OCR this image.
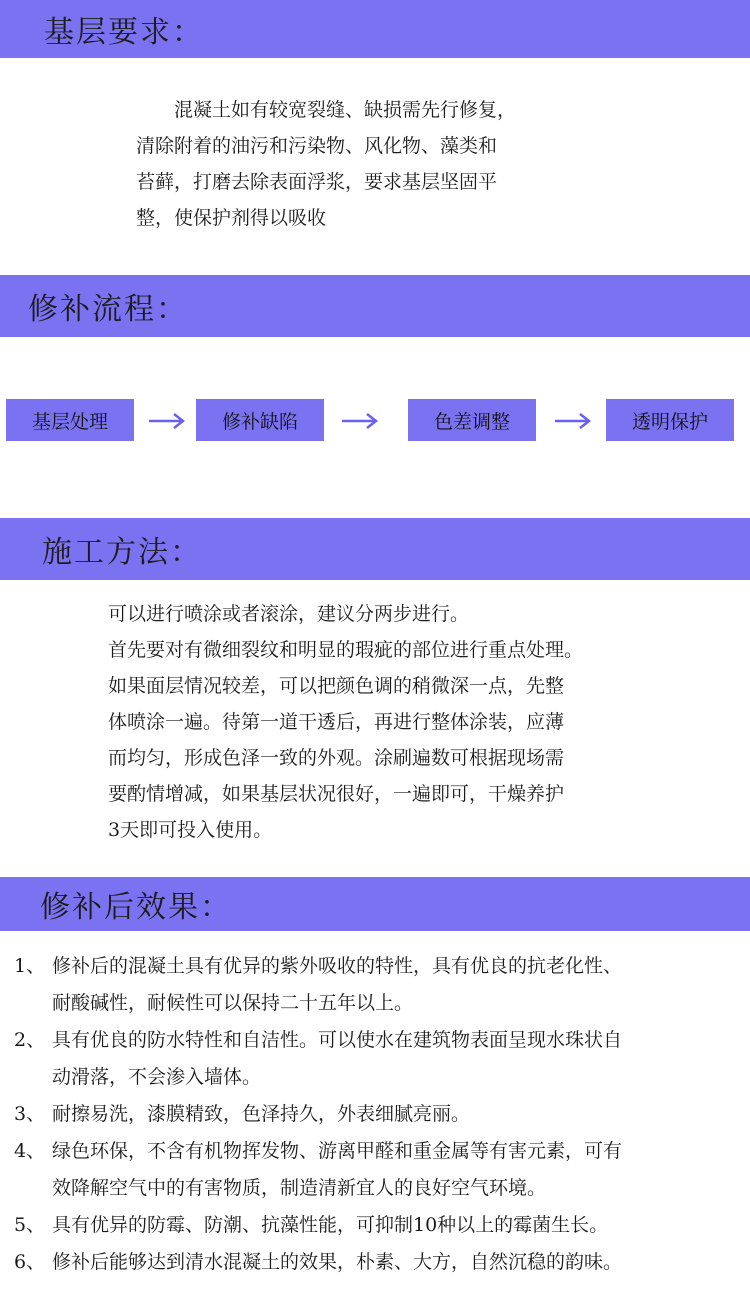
基层要求：

混凝土如有较宽裂缝、缺损需先行修复，

清除附着的油污和污染物、风化物、藻类和

苔藓，打磨去除表面浮浆，要求基层坚固平

整，使保护剂得以吸收

修补流程：
基层处理	修补缺陷	色差调整	透明保护
施工方法：

可以进行喷涂或者滚涂，建议分两步进行。

首先要对有微细裂纹和明显的瑕疵的部位进行重点处理。

如果面层情况较差，可以把颜色调的稍微深一点，先整

体喷涂一遍。待第一道干透后，再进行整体涂装，应薄

而均匀，形成色泽一致的外观。涂刷遍数可根据现场需

要酌情增减，如果基层状况很好，一遍即可，干燥养护

3天即可投入使用。

修补后效果：
1、 修补后的混凝土具有优异的紫外吸收的特性，具有优良的抗老化性、
耐酸碱性，耐候性可以保持二十五年以上。
2、 具有优良的防水特性和自洁性。可以使水在建筑物表面呈现水珠状自
动滑落，不会渗入墙体。
3、 耐擦易洗，漆膜精致，色泽持久，外表细腻亮丽。
4、 绿色环保，不含有机物挥发物、游离甲醛和重金属等有害元素，可有
效降解空气中的有害物质，制造清新宜人的良好空气环境。
5、 具有优异的防霉、防潮、抗藻性能，可抑制10种以上的霉菌生长。
6、 修补后能够达到清水混凝土的效果，朴素、大方，自然沉稳的韵味。
